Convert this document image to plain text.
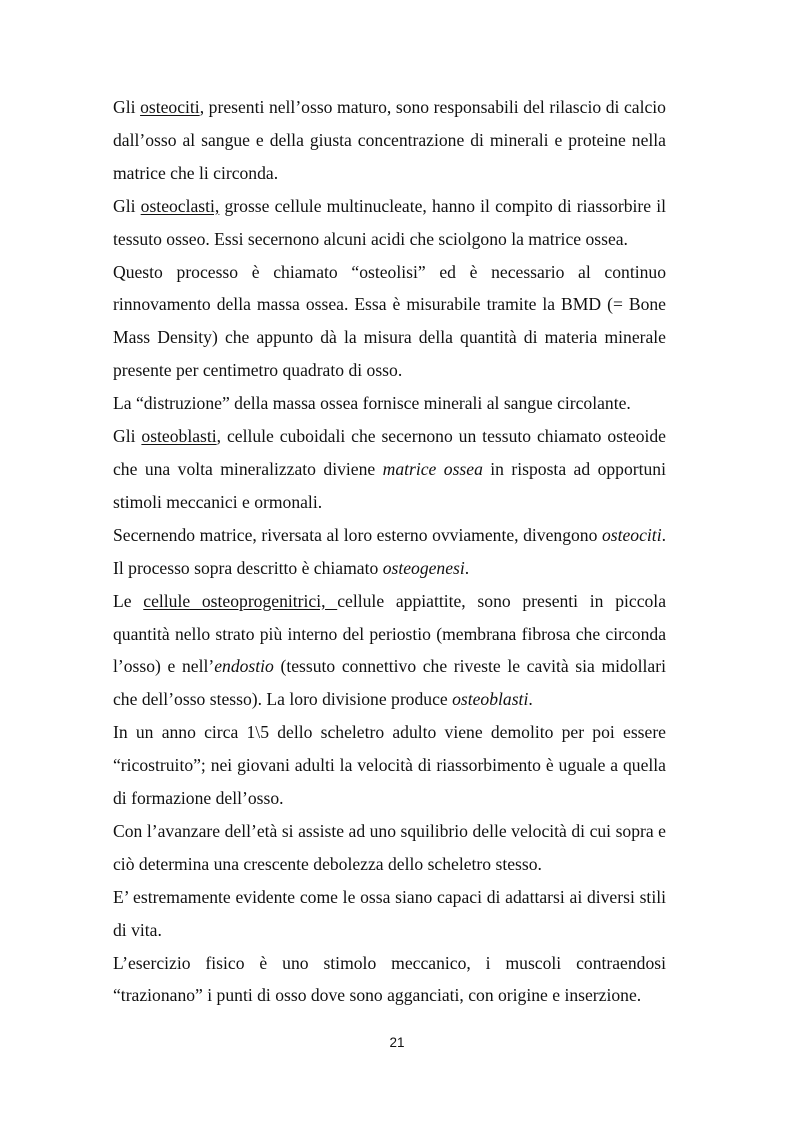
Gli osteociti, presenti nell’osso maturo, sono responsabili del rilascio di calcio dall’osso al sangue e della giusta concentrazione di minerali e proteine nella matrice che li circonda.

Gli osteoclasti, grosse cellule multinucleate, hanno il compito di riassorbire il tessuto osseo. Essi secernono alcuni acidi che sciolgono la matrice ossea.

Questo processo è chiamato “osteolisi” ed è necessario al continuo rinnovamento della massa ossea. Essa è misurabile tramite la BMD (= Bone Mass Density) che appunto dà la misura della quantità di materia minerale presente per centimetro quadrato di osso.

La “distruzione” della massa ossea fornisce minerali al sangue circolante.

Gli osteoblasti, cellule cuboidali che secernono un tessuto chiamato osteoide che una volta mineralizzato diviene matrice ossea in risposta ad opportuni stimoli meccanici e ormonali.

Secernendo matrice, riversata al loro esterno ovviamente, divengono osteociti. Il processo sopra descritto è chiamato osteogenesi.

Le cellule osteoprogenitrici, cellule appiattite, sono presenti in piccola quantità nello strato più interno del periostio (membrana fibrosa che circonda l’osso) e nell’endostio (tessuto connettivo che riveste le cavità sia midollari che dell’osso stesso). La loro divisione produce osteoblasti.

In un anno circa 1\5 dello scheletro adulto viene demolito per poi essere “ricostruito”; nei giovani adulti la velocità di riassorbimento è uguale a quella di formazione dell’osso.

Con l’avanzare dell’età si assiste ad uno squilibrio delle velocità di cui sopra e ciò determina una crescente debolezza dello scheletro stesso.

E’ estremamente evidente come le ossa siano capaci di adattarsi ai diversi stili di vita.

L’esercizio fisico è uno stimolo meccanico, i muscoli contraendosi “trazionano” i punti di osso dove sono agganciati, con origine e inserzione.

21
